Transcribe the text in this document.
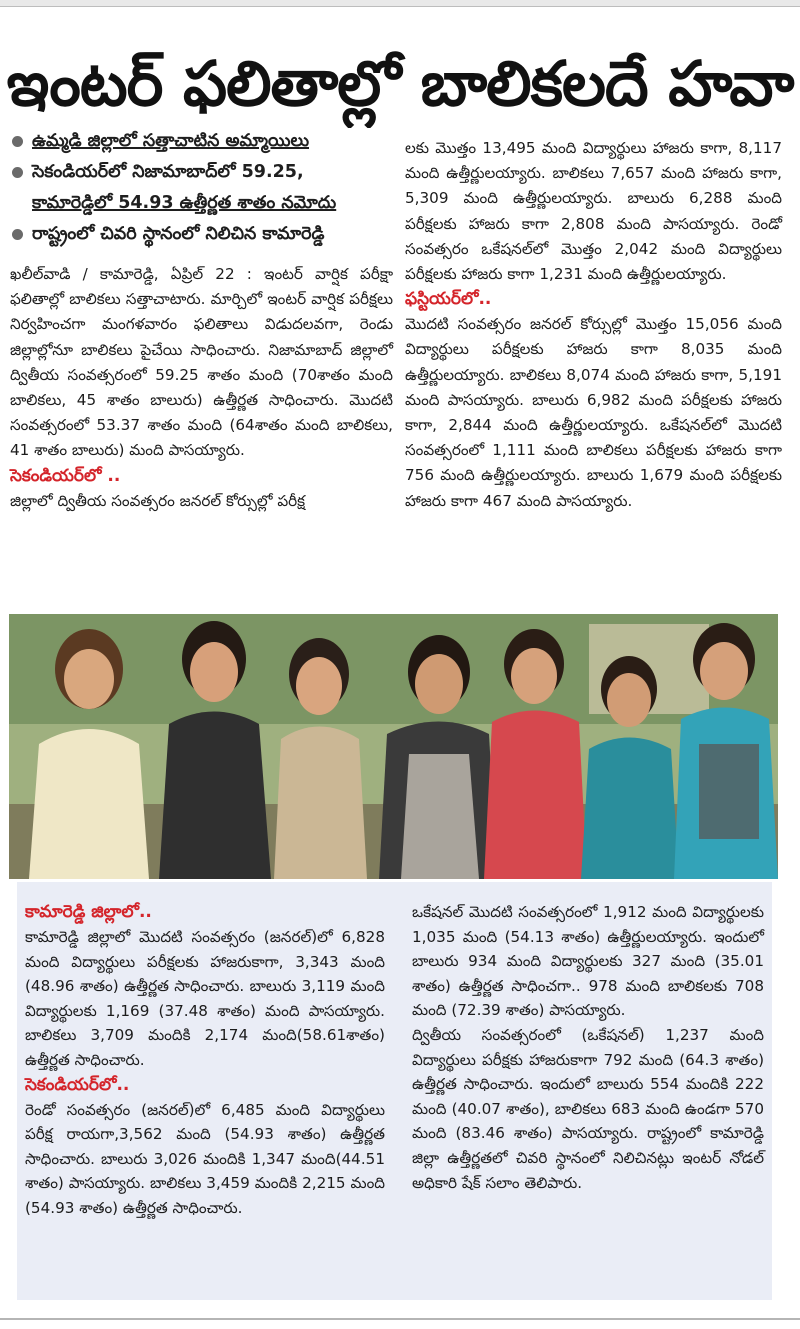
ఇంటర్ ఫలితాల్లో బాలికలదే హవా
ఉమ్మడి జిల్లాలో సత్తాచాటిన అమ్మాయిలు
సెకండియర్‌లో నిజామాబాద్‌లో 59.25,
కామారెడ్డిలో 54.93 ఉత్తీర్ణత శాతం నమోదు
రాష్ట్రంలో చివరి స్థానంలో నిలిచిన కామారెడ్డి

ఖలీల్‌వాడి / కామారెడ్డి, ఏప్రిల్ 22 : ఇంటర్ వార్షిక పరీక్షా ఫలితాల్లో బాలికలు సత్తాచాటారు. మార్చిలో ఇంటర్ వార్షిక పరీక్షలు నిర్వహించగా మంగళవారం ఫలితాలు విడుదలవగా, రెండు జిల్లాల్లోనూ బాలికలు పైచేయి సాధించారు. నిజామాబాద్ జిల్లాలో ద్వితీయ సంవత్సరంలో 59.25 శాతం మంది (70శాతం మంది బాలికలు, 45 శాతం బాలురు) ఉత్తీర్ణత సాధించారు. మొదటి సంవత్సరంలో 53.37 శాతం మంది (64శాతం మంది బాలికలు, 41 శాతం బాలురు) మంది పాసయ్యారు.

సెకండియర్‌లో ..

జిల్లాలో ద్వితీయ సంవత్సరం జనరల్ కోర్సుల్లో పరీక్ష

లకు మొత్తం 13,495 మంది విద్యార్థులు హాజరు కాగా, 8,117 మంది ఉత్తీర్ణులయ్యారు. బాలికలు 7,657 మంది హాజరు కాగా, 5,309 మంది ఉత్తీర్ణులయ్యారు. బాలురు 6,288 మంది పరీక్షలకు హాజరు కాగా 2,808 మంది పాసయ్యారు. రెండో సంవత్సరం ఒకేషనల్‌లో మొత్తం 2,042 మంది విద్యార్థులు పరీక్షలకు హాజరు కాగా 1,231 మంది ఉత్తీర్ణులయ్యారు.

ఫస్టియర్‌లో..

మొదటి సంవత్సరం జనరల్ కోర్సుల్లో మొత్తం 15,056 మంది విద్యార్థులు పరీక్షలకు హాజరు కాగా 8,035 మంది ఉత్తీర్ణులయ్యారు. బాలికలు 8,074 మంది హాజరు కాగా, 5,191 మంది పాసయ్యారు. బాలురు 6,982 మంది పరీక్షలకు హాజరు కాగా, 2,844 మంది ఉత్తీర్ణులయ్యారు. ఒకేషనల్‌లో మొదటి సంవత్సరంలో 1,111 మంది బాలికలు పరీక్షలకు హాజరు కాగా 756 మంది ఉత్తీర్ణులయ్యారు. బాలురు 1,679 మంది పరీక్షలకు హాజరు కాగా 467 మంది పాసయ్యారు.

కామారెడ్డి జిల్లాలో..

కామారెడ్డి జిల్లాలో మొదటి సంవత్సరం (జనరల్)లో 6,828 మంది విద్యార్థులు పరీక్షలకు హాజరుకాగా, 3,343 మంది (48.96 శాతం) ఉత్తీర్ణత సాధించారు. బాలురు 3,119 మంది విద్యార్థులకు 1,169 (37.48 శాతం) మంది పాసయ్యారు. బాలికలు 3,709 మందికి 2,174 మంది(58.61శాతం) ఉత్తీర్ణత సాధించారు.

సెకండియర్‌లో..

రెండో సంవత్సరం (జనరల్)లో 6,485 మంది విద్యార్థులు పరీక్ష రాయగా,3,562 మంది (54.93 శాతం) ఉత్తీర్ణత సాధించారు. బాలురు 3,026 మందికి 1,347 మంది(44.51 శాతం) పాసయ్యారు. బాలికలు 3,459 మందికి 2,215 మంది (54.93 శాతం) ఉత్తీర్ణత సాధించారు.

ఒకేషనల్ మొదటి సంవత్సరంలో 1,912 మంది విద్యార్థులకు 1,035 మంది (54.13 శాతం) ఉత్తీర్ణులయ్యారు. ఇందులో బాలురు 934 మంది విద్యార్థులకు 327 మంది (35.01 శాతం) ఉత్తీర్ణత సాధించగా.. 978 మంది బాలికలకు 708 మంది (72.39 శాతం) పాసయ్యారు.

ద్వితీయ సంవత్సరంలో (ఒకేషనల్) 1,237 మంది విద్యార్థులు పరీక్షకు హాజరుకాగా 792 మంది (64.3 శాతం) ఉత్తీర్ణత సాధించారు. ఇందులో బాలురు 554 మందికి 222 మంది (40.07 శాతం), బాలికలు 683 మంది ఉండగా 570 మంది (83.46 శాతం) పాసయ్యారు. రాష్ట్రంలో కామారెడ్డి జిల్లా ఉత్తీర్ణతలో చివరి స్థానంలో నిలిచినట్లు ఇంటర్ నోడల్ అధికారి షేక్ సలాం తెలిపారు.
